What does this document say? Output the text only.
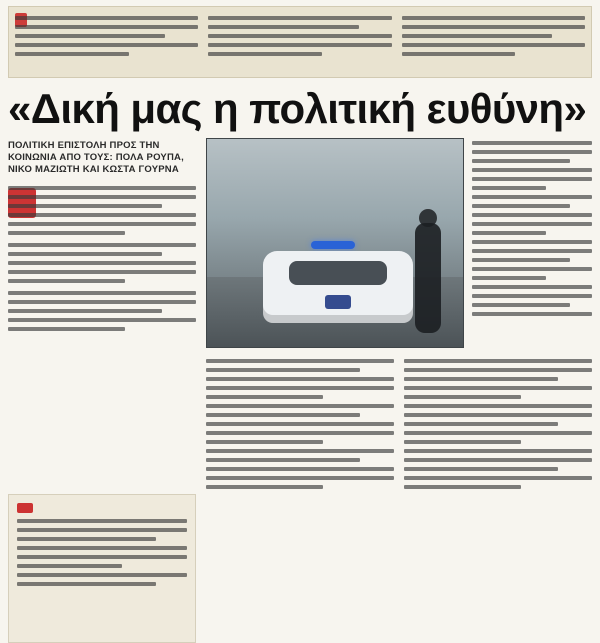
«Δική μας η πολιτική ευθύνη»
ΠΟΛΙΤΙΚΗ ΕΠΙΣΤΟΛΗ ΠΡΟΣ ΤΗΝ ΚΟΙΝΩΝΙΑ ΑΠΟ ΤΟΥΣ: ΠΟΛΑ ΡΟΥΠΑ, ΝΙΚΟ ΜΑΖΙΩΤΗ ΚΑΙ ΚΩΣΤΑ ΓΟΥΡΝΑ
